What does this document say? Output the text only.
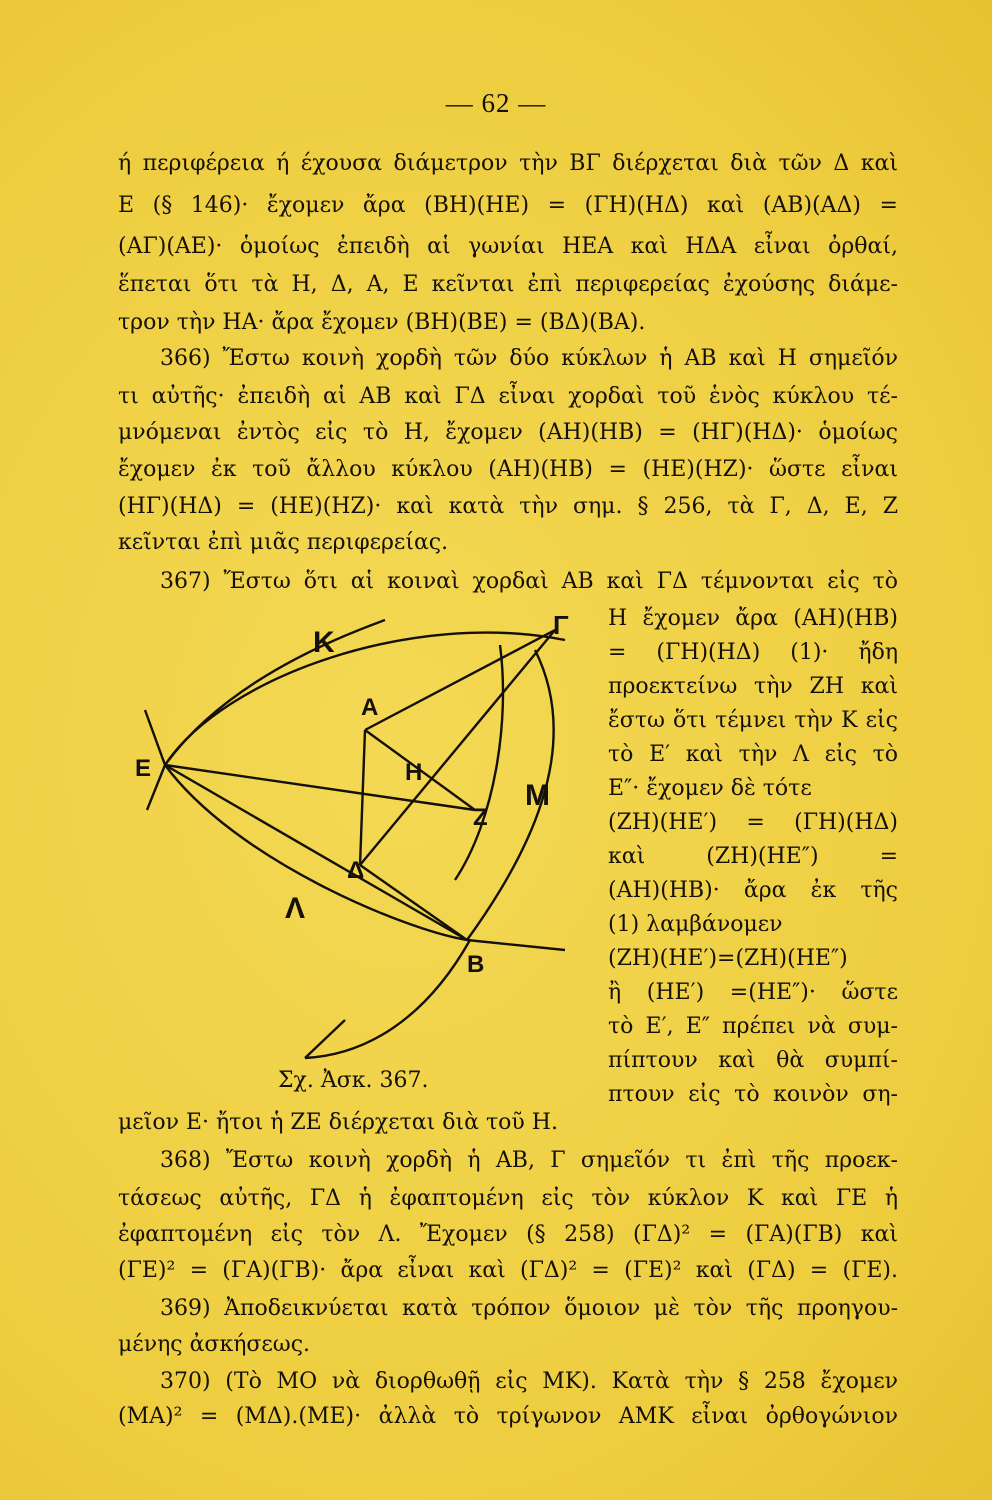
— 62 —
ή περιφέρεια ή έχουσα διάμετρον τὴν ΒΓ διέρχεται διὰ τῶν Δ καὶ
Ε (§ 146)· ἔχομεν ἄρα (ΒΗ)(ΗΕ) = (ΓΗ)(ΗΔ) καὶ (ΑΒ)(ΑΔ) =
(ΑΓ)(ΑΕ)· ὁμοίως ἐπειδὴ αἱ γωνίαι ΗΕΑ καὶ ΗΔΑ εἶναι ὀρθαί,
ἕπεται ὅτι τὰ Η, Δ, Α, Ε κεῖνται ἐπὶ περιφερείας ἐχούσης διάμε-
τρον τὴν ΗΑ· ἄρα ἔχομεν (ΒΗ)(ΒΕ) = (ΒΔ)(ΒΑ).
366) Ἔστω κοινὴ χορδὴ τῶν δύο κύκλων ἡ ΑΒ καὶ Η σημεῖόν
τι αὐτῆς· ἐπειδὴ αἱ ΑΒ καὶ ΓΔ εἶναι χορδαὶ τοῦ ἑνὸς κύκλου τέ-
μνόμεναι ἐντὸς εἰς τὸ Η, ἔχομεν (ΑΗ)(ΗΒ) = (ΗΓ)(ΗΔ)· ὁμοίως
ἔχομεν ἐκ τοῦ ἄλλου κύκλου (ΑΗ)(ΗΒ) = (ΗΕ)(ΗΖ)· ὥστε εἶναι
(ΗΓ)(ΗΔ) = (ΗΕ)(ΗΖ)· καὶ κατὰ τὴν σημ. § 256, τὰ Γ, Δ, Ε, Ζ
κεῖνται ἐπὶ μιᾶς περιφερείας.
367) Ἔστω ὅτι αἱ κοιναὶ χορδαὶ ΑΒ καὶ ΓΔ τέμνονται εἰς τὸ
Η ἔχομεν ἄρα (ΑΗ)(ΗΒ)
= (ΓΗ)(ΗΔ) (1)· ἤδη
προεκτείνω τὴν ΖΗ καὶ
ἔστω ὅτι τέμνει τὴν Κ εἰς
τὸ Ε′ καὶ τὴν Λ εἰς τὸ
Ε″· ἔχομεν δὲ τότε
(ΖΗ)(ΗΕ′) = (ΓΗ)(ΗΔ)
καὶ (ΖΗ)(ΗΕ″) =
(ΑΗ)(ΗΒ)· ἄρα ἐκ τῆς
(1) λαμβάνομεν
(ΖΗ)(ΗΕ′)=(ΖΗ)(ΗΕ″)
ἢ (ΗΕ′) =(ΗΕ″)· ὥστε
τὸ Ε′, Ε″ πρέπει νὰ συμ-
πίπτουν καὶ θὰ συμπί-
πτουν εἰς τὸ κοινὸν ση-
Κ
Γ
Α
Ε	Η
Ζ
Μ
Δ
Λ
Β
Σχ. Ἀσκ. 367.
μεῖον Ε· ἤτοι ἡ ΖΕ διέρχεται διὰ τοῦ Η.
368) Ἔστω κοινὴ χορδὴ ἡ ΑΒ, Γ σημεῖόν τι ἐπὶ τῆς προεκ-
τάσεως αὐτῆς, ΓΔ ἡ ἐφαπτομένη εἰς τὸν κύκλον Κ καὶ ΓΕ ἡ
ἐφαπτομένη εἰς τὸν Λ. Ἔχομεν (§ 258) (ΓΔ)² = (ΓΑ)(ΓΒ) καὶ
(ΓΕ)² = (ΓΑ)(ΓΒ)· ἄρα εἶναι καὶ (ΓΔ)² = (ΓΕ)² καὶ (ΓΔ) = (ΓΕ).
369) Ἀποδεικνύεται κατὰ τρόπον ὅμοιον μὲ τὸν τῆς προηγου-
μένης ἀσκήσεως.
370) (Τὸ ΜΟ νὰ διορθωθῇ εἰς ΜΚ). Κατὰ τὴν § 258 ἔχομεν
(ΜΑ)² = (ΜΔ).(ΜΕ)· ἀλλὰ τὸ τρίγωνον ΑΜΚ εἶναι ὀρθογώνιον
